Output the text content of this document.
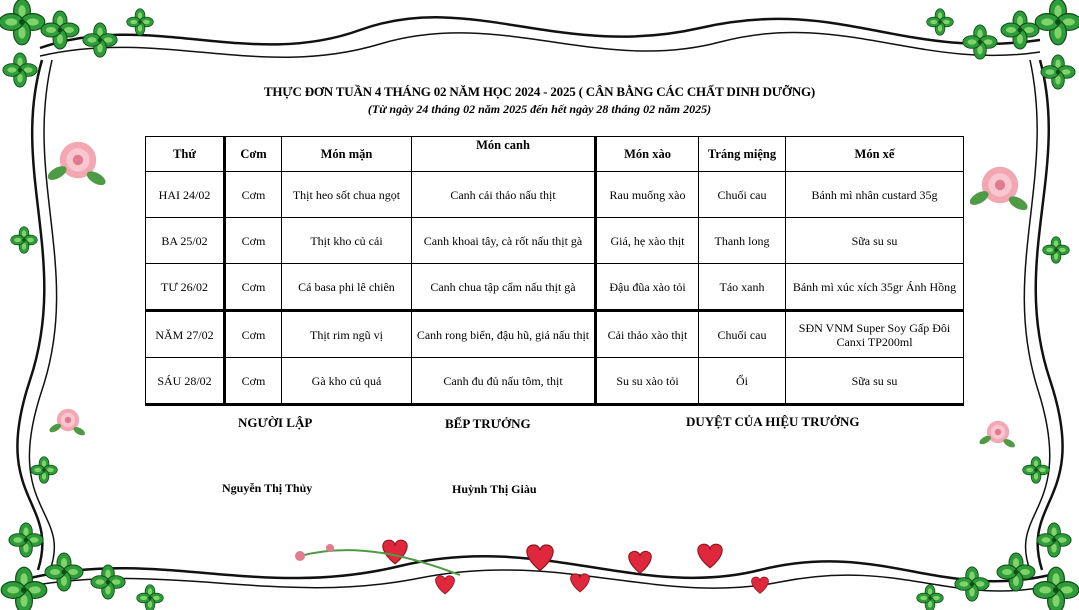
THỰC ĐƠN TUẦN 4 THÁNG 02 NĂM HỌC 2024 - 2025 ( CÂN BẰNG CÁC CHẤT DINH DƯỠNG)
(Từ ngày 24 tháng 02 năm 2025 đến hết ngày 28 tháng 02 năm 2025)
Thứ	Cơm	Món mặn	Món canh	Món xào	Tráng miệng	Món xế
HAI 24/02	Cơm	Thịt heo sốt chua ngọt	Canh cải thảo nấu thịt	Rau muống xào	Chuối cau	Bánh mì nhân custard 35g
BA 25/02	Cơm	Thịt kho củ cải	Canh khoai tây, cà rốt nấu thịt gà	Giá, hẹ xào thịt	Thanh long	Sữa su su
TƯ 26/02	Cơm	Cá basa phi lê chiên	Canh chua tập cẩm nấu thịt gà	Đậu đũa xào tỏi	Táo xanh	Bánh mì xúc xích 35gr Ánh Hồng
NĂM 27/02	Cơm	Thịt rim ngũ vị	Canh rong biển, đậu hũ, giá nấu thịt	Cải thảo xào thịt	Chuối cau	SĐN VNM Super Soy Gấp Đôi Canxi TP200ml
SÁU 28/02	Cơm	Gà kho củ quả	Canh đu đủ nấu tôm, thịt	Su su xào tỏi	Ổi	Sữa su su
NGƯỜI LẬP	BẾP TRƯỞNG	DUYỆT CỦA HIỆU TRƯỞNG
Nguyễn Thị Thủy	Huỳnh Thị Giàu
